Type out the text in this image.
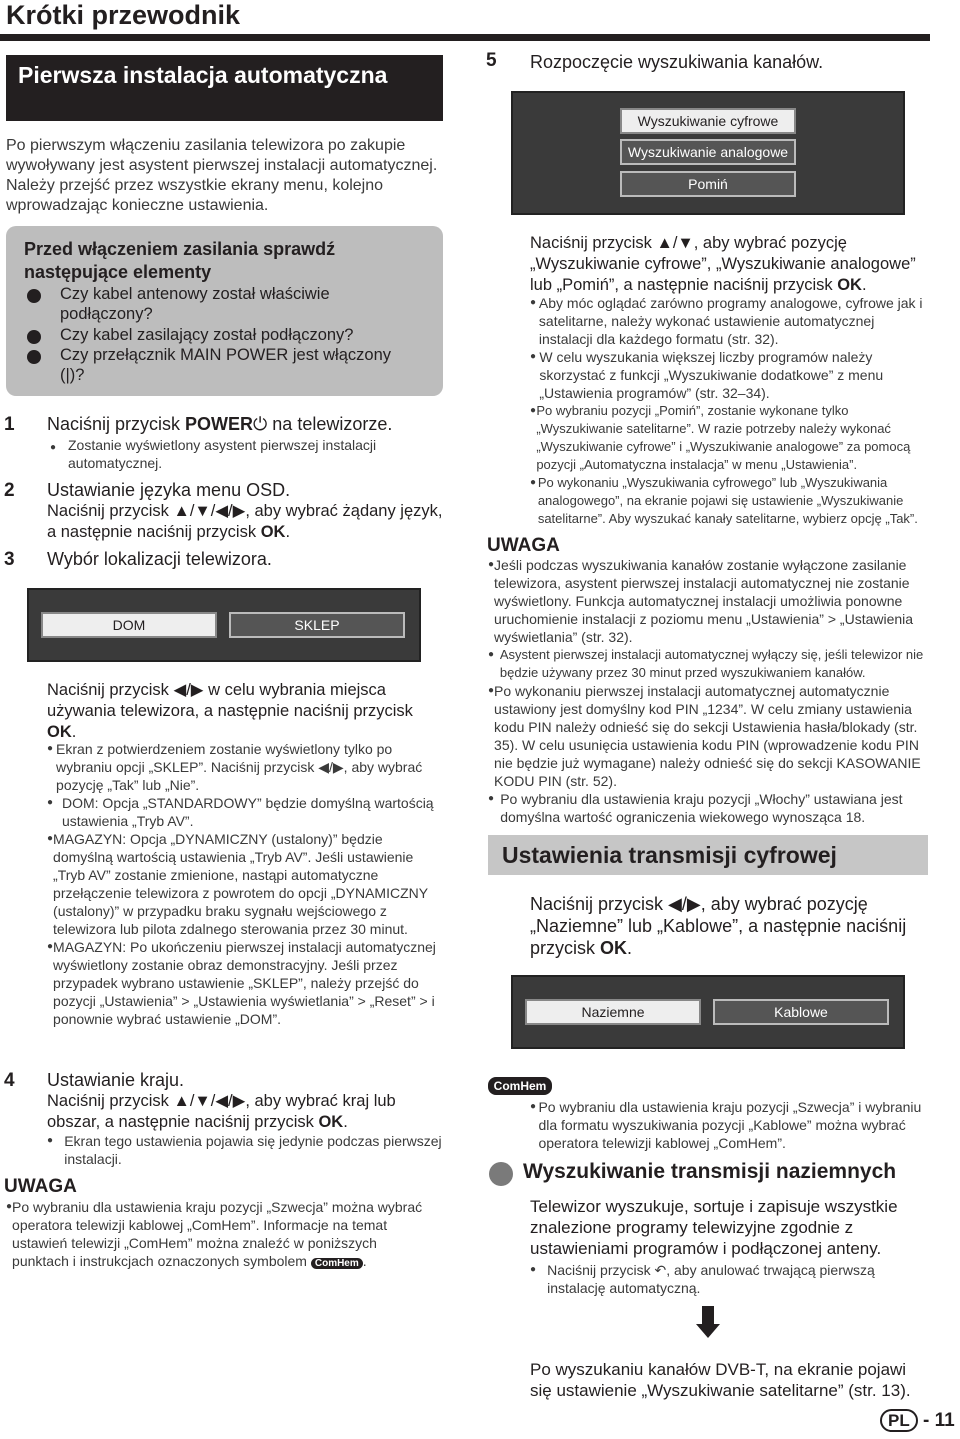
Krótki przewodnik
Pierwsza instalacja automatyczna
Po pierwszym włączeniu zasilania telewizora po zakupie wywoływany jest asystent pierwszej instalacji automatycznej. Należy przejść przez wszystkie ekrany menu, kolejno wprowadzając konieczne ustawienia.
Przed włączeniem zasilania sprawdź następujące elementy
Czy kabel antenowy został właściwie podłączony?
Czy kabel zasilający został podłączony?
Czy przełącznik MAIN POWER jest włączony (|)?
1 Naciśnij przycisk POWER⏻ na telewizorze.
● Zostanie wyświetlony asystent pierwszej instalacji automatycznej.
2 Ustawianie języka menu OSD.
Naciśnij przycisk ▲/▼/◀/▶, aby wybrać żądany język, a następnie naciśnij przycisk OK.
3 Wybór lokalizacji telewizora.
DOM	SKLEP
Naciśnij przycisk ◀/▶ w celu wybrania miejsca używania telewizora, a następnie naciśnij przycisk OK.
● Ekran z potwierdzeniem zostanie wyświetlony tylko po wybraniu opcji „SKLEP”. Naciśnij przycisk ◀/▶, aby wybrać pozycję „Tak” lub „Nie”.
● DOM: Opcja „STANDARDOWY” będzie domyślną wartością ustawienia „Tryb AV”.
● MAGAZYN: Opcja „DYNAMICZNY (ustalony)” będzie domyślną wartością ustawienia „Tryb AV”. Jeśli ustawienie „Tryb AV” zostanie zmienione, nastąpi automatyczne przełączenie telewizora z powrotem do opcji „DYNAMICZNY (ustalony)” w przypadku braku sygnału wejściowego z telewizora lub pilota zdalnego sterowania przez 30 minut.
● MAGAZYN: Po ukończeniu pierwszej instalacji automatycznej wyświetlony zostanie obraz demonstracyjny. Jeśli przez przypadek wybrano ustawienie „SKLEP”, należy przejść do pozycji „Ustawienia” > „Ustawienia wyświetlania” > „Reset” > i ponownie wybrać ustawienie „DOM”.
4 Ustawianie kraju.
Naciśnij przycisk ▲/▼/◀/▶, aby wybrać kraj lub obszar, a następnie naciśnij przycisk OK.
● Ekran tego ustawienia pojawia się jedynie podczas pierwszej instalacji.
UWAGA
● Po wybraniu dla ustawienia kraju pozycji „Szwecja” można wybrać operatora telewizji kablowej „ComHem”. Informacje na temat ustawień telewizji „ComHem” można znaleźć w poniższych punktach i instrukcjach oznaczonych symbolem ComHem .
5 Rozpoczęcie wyszukiwania kanałów.
Wyszukiwanie cyfrowe
Wyszukiwanie analogowe
Pomiń
Naciśnij przycisk ▲/▼, aby wybrać pozycję „Wyszukiwanie cyfrowe”, „Wyszukiwanie analogowe” lub „Pomiń”, a następnie naciśnij przycisk OK.
● Aby móc oglądać zarówno programy analogowe, cyfrowe jak i satelitarne, należy wykonać ustawienie automatycznej instalacji dla każdego formatu (str. 32).
● W celu wyszukania większej liczby programów należy skorzystać z funkcji „Wyszukiwanie dodatkowe” z menu „Ustawienia programów” (str. 32–34).
● Po wybraniu pozycji „Pomiń”, zostanie wykonane tylko „Wyszukiwanie satelitarne”. W razie potrzeby należy wykonać „Wyszukiwanie cyfrowe” i „Wyszukiwanie analogowe” za pomocą pozycji „Automatyczna instalacja” w menu „Ustawienia”.
● Po wykonaniu „Wyszukiwania cyfrowego” lub „Wyszukiwania analogowego”, na ekranie pojawi się ustawienie „Wyszukiwanie satelitarne”. Aby wyszukać kanały satelitarne, wybierz opcję „Tak”.
UWAGA
● Jeśli podczas wyszukiwania kanałów zostanie wyłączone zasilanie telewizora, asystent pierwszej instalacji automatycznej nie zostanie wyświetlony. Funkcja automatycznej instalacji umożliwia ponowne uruchomienie instalacji z poziomu menu „Ustawienia” > „Ustawienia wyświetlania” (str. 32).
● Asystent pierwszej instalacji automatycznej wyłączy się, jeśli telewizor nie będzie używany przez 30 minut przed wyszukiwaniem kanałów.
● Po wykonaniu pierwszej instalacji automatycznej automatycznie ustawiony jest domyślny kod PIN „1234”. W celu zmiany ustawienia kodu PIN należy odnieść się do sekcji Ustawienia hasła/blokady (str. 35). W celu usunięcia ustawienia kodu PIN (wprowadzenie kodu PIN nie będzie już wymagane) należy odnieść się do sekcji KASOWANIE KODU PIN (str. 52).
● Po wybraniu dla ustawienia kraju pozycji „Włochy” ustawiana jest domyślna wartość ograniczenia wiekowego wynosząca 18.
Ustawienia transmisji cyfrowej
Naciśnij przycisk ◀/▶, aby wybrać pozycję „Naziemne” lub „Kablowe”, a następnie naciśnij przycisk OK.
Naziemne	Kablowe
ComHem
● Po wybraniu dla ustawienia kraju pozycji „Szwecja” i wybraniu dla formatu wyszukiwania pozycji „Kablowe” można wybrać operatora telewizji kablowej „ComHem”.
Wyszukiwanie transmisji naziemnych
Telewizor wyszukuje, sortuje i zapisuje wszystkie znalezione programy telewizyjne zgodnie z ustawieniami programów i podłączonej anteny.
● Naciśnij przycisk ↶, aby anulować trwającą pierwszą instalację automatyczną.
Po wyszukaniu kanałów DVB-T, na ekranie pojawi się ustawienie „Wyszukiwanie satelitarne” (str. 13).
PL - 11
